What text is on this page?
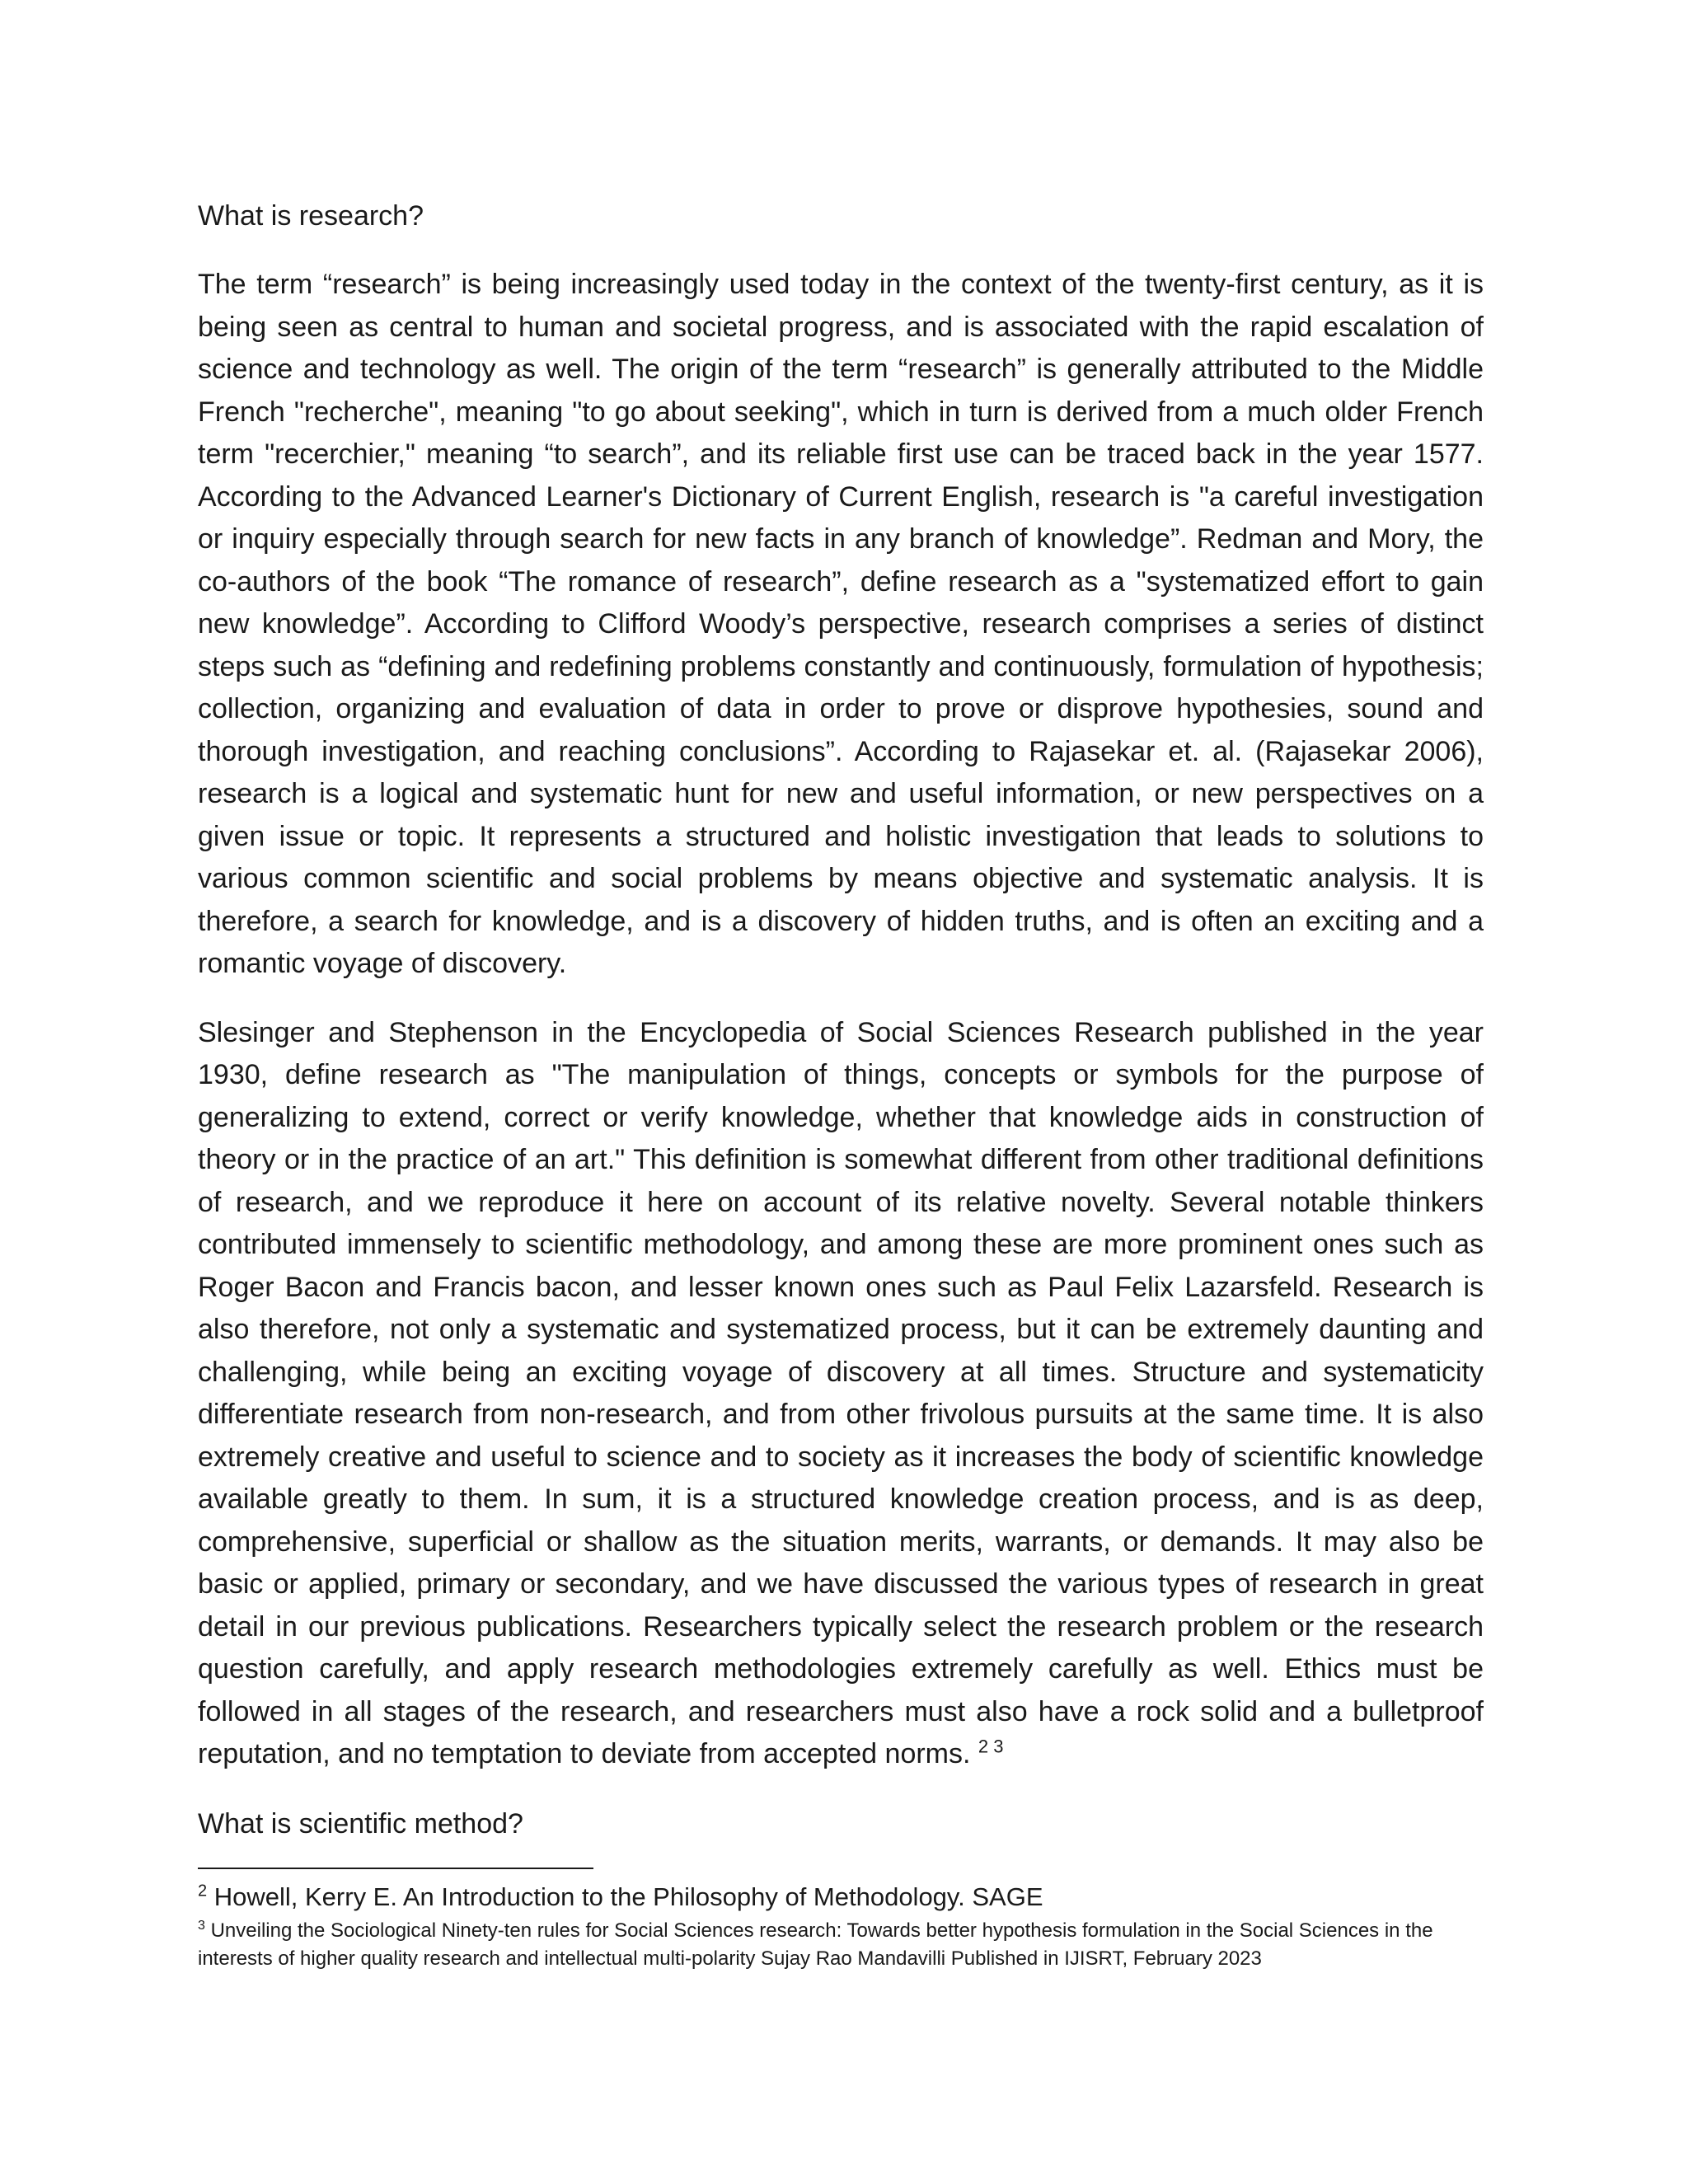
What is research?

The term “research” is being increasingly used today in the context of the twenty-first century, as it is being seen as central to human and societal progress, and is associated with the rapid escalation of science and technology as well. The origin of the term “research” is generally attributed to the Middle French "recherche", meaning "to go about seeking", which in turn is derived from a much older French term "recerchier," meaning “to search”, and its reliable first use can be traced back in the year 1577. According to the Advanced Learner's Dictionary of Current English, research is "a careful investigation or inquiry especially through search for new facts in any branch of knowledge”. Redman and Mory, the co-authors of the book “The romance of research”, define research as a "systematized effort to gain new knowledge”. According to Clifford Woody’s perspective, research comprises a series of distinct steps such as “defining and redefining problems constantly and continuously, formulation of hypothesis; collection, organizing and evaluation of data in order to prove or disprove hypothesies, sound and thorough investigation, and reaching conclusions”. According to Rajasekar et. al. (Rajasekar 2006), research is a logical and systematic hunt for new and useful information, or new perspectives on a given issue or topic. It represents a structured and holistic investigation that leads to solutions to various common scientific and social problems by means objective and systematic analysis. It is therefore, a search for knowledge, and is a discovery of hidden truths, and is often an exciting and a romantic voyage of discovery.

Slesinger and Stephenson in the Encyclopedia of Social Sciences Research published in the year 1930, define research as "The manipulation of things, concepts or symbols for the purpose of generalizing to extend, correct or verify knowledge, whether that knowledge aids in construction of theory or in the practice of an art." This definition is somewhat different from other traditional definitions of research, and we reproduce it here on account of its relative novelty. Several notable thinkers contributed immensely to scientific methodology, and among these are more prominent ones such as Roger Bacon and Francis bacon, and lesser known ones such as Paul Felix Lazarsfeld. Research is also therefore, not only a systematic and systematized process, but it can be extremely daunting and challenging, while being an exciting voyage of discovery at all times. Structure and systematicity differentiate research from non-research, and from other frivolous pursuits at the same time. It is also extremely creative and useful to science and to society as it increases the body of scientific knowledge available greatly to them. In sum, it is a structured knowledge creation process, and is as deep, comprehensive, superficial or shallow as the situation merits, warrants, or demands. It may also be basic or applied, primary or secondary, and we have discussed the various types of research in great detail in our previous publications. Researchers typically select the research problem or the research question carefully, and apply research methodologies extremely carefully as well. Ethics must be followed in all stages of the research, and researchers must also have a rock solid and a bulletproof reputation, and no temptation to deviate from accepted norms. $^{2 3}$

What is scientific method?

$^2$ Howell, Kerry E. An Introduction to the Philosophy of Methodology. SAGE

$^3$ Unveiling the Sociological Ninety-ten rules for Social Sciences research: Towards better hypothesis formulation in the Social Sciences in the interests of higher quality research and intellectual multi-polarity Sujay Rao Mandavilli Published in IJISRT, February 2023
